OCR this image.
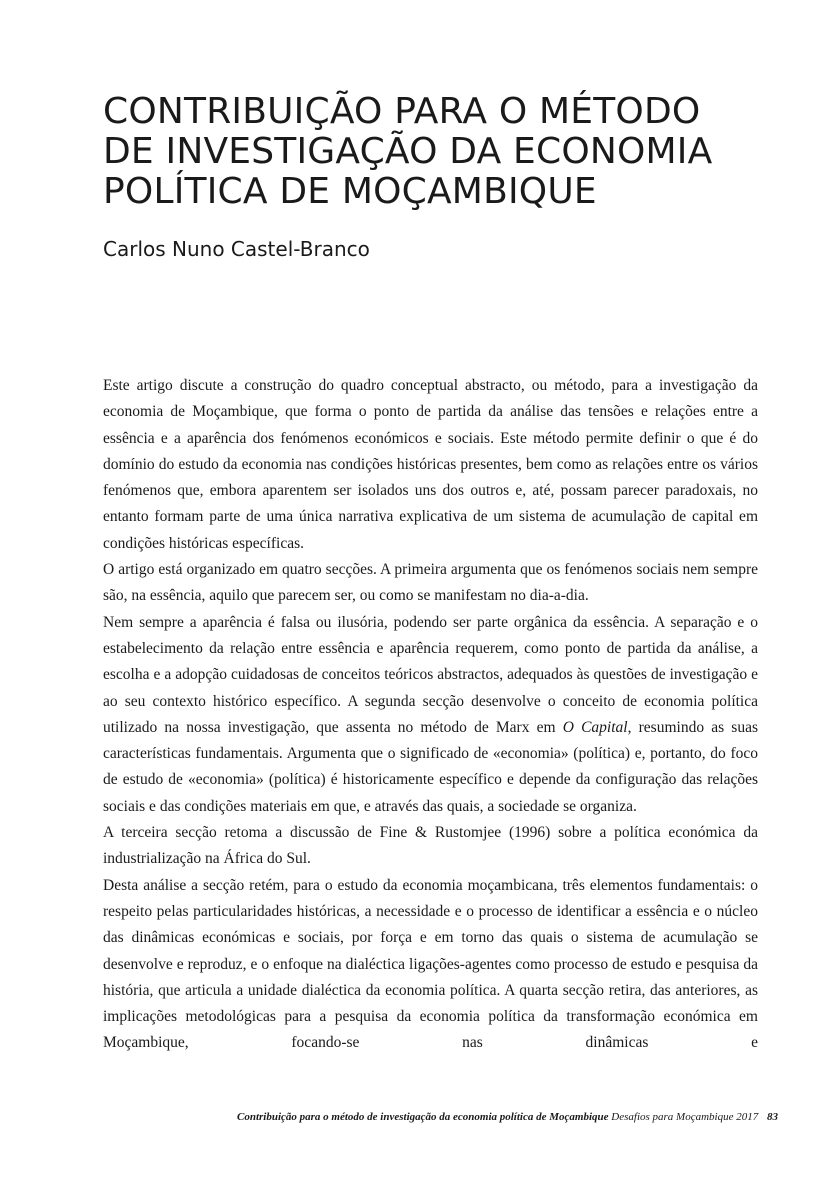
CONTRIBUIÇÃO PARA O MÉTODO
DE INVESTIGAÇÃO DA ECONOMIA
POLÍTICA DE MOÇAMBIQUE
Carlos Nuno Castel-Branco

Este artigo discute a construção do quadro conceptual abstracto, ou método, para a investigação da economia de Moçambique, que forma o ponto de partida da análise das tensões e relações entre a essência e a aparência dos fenómenos económicos e sociais. Este método permite definir o que é do domínio do estudo da economia nas condições históricas presentes, bem como as relações entre os vários fenómenos que, embora aparentem ser isolados uns dos outros e, até, possam parecer paradoxais, no entanto formam parte de uma única narrativa explicativa de um sistema de acumulação de capital em condições históricas específicas.

O artigo está organizado em quatro secções. A primeira argumenta que os fenómenos sociais nem sempre são, na essência, aquilo que parecem ser, ou como se manifestam no dia-a-dia.

Nem sempre a aparência é falsa ou ilusória, podendo ser parte orgânica da essência. A separação e o estabelecimento da relação entre essência e aparência requerem, como ponto de partida da análise, a escolha e a adopção cuidadosas de conceitos teóricos abstractos, adequados às questões de investigação e ao seu contexto histórico específico. A segunda secção desenvolve o conceito de economia política utilizado na nossa investigação, que assenta no método de Marx em O Capital, resumindo as suas características fundamentais. Argumenta que o significado de «economia» (política) e, portanto, do foco de estudo de «economia» (política) é historicamente específico e depende da configuração das relações sociais e das condições materiais em que, e através das quais, a sociedade se organiza.

A terceira secção retoma a discussão de Fine & Rustomjee (1996) sobre a política económica da industrialização na África do Sul.

Desta análise a secção retém, para o estudo da economia moçambicana, três elementos fundamentais: o respeito pelas particularidades históricas, a necessidade e o processo de identificar a essência e o núcleo das dinâmicas económicas e sociais, por força e em torno das quais o sistema de acumulação se desenvolve e reproduz, e o enfoque na dialéctica ligações-agentes como processo de estudo e pesquisa da história, que articula a unidade dialéctica da economia política. A quarta secção retira, das anteriores, as implicações metodológicas para a pesquisa da economia política da transformação económica em Moçambique, focando-se nas dinâmicas e

Contribuição para o método de investigação da economia política de Moçambique Desafios para Moçambique 2017 83
